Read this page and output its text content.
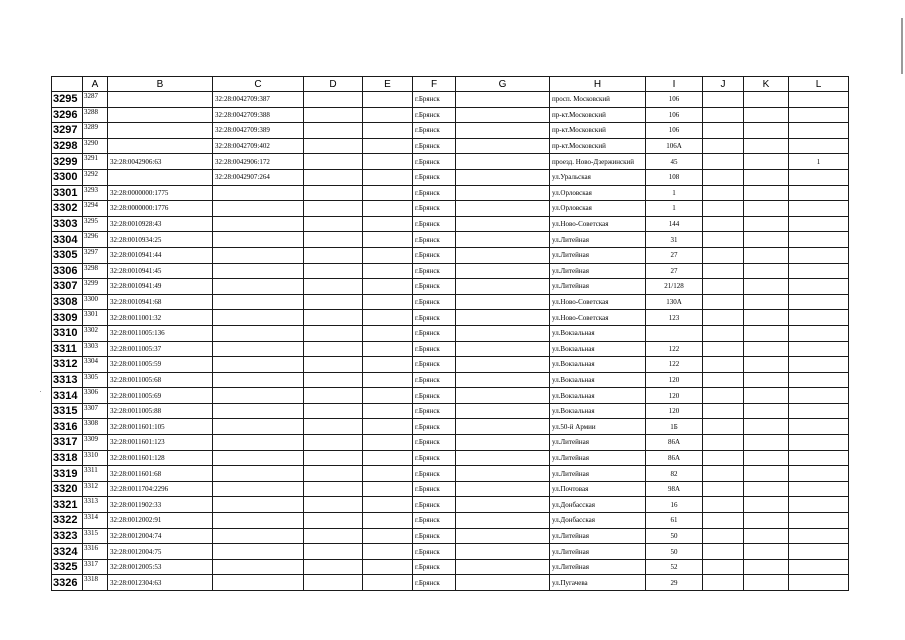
	A	B	C	D	E	F	G	H	I	J	K	L
3295	3287		32:28:0042709:387			г.Брянск		просп. Московский	106			
3296	3288		32:28:0042709:388			г.Брянск		пр-кт.Московский	106			
3297	3289		32:28:0042709:389			г.Брянск		пр-кт.Московский	106			
3298	3290		32:28:0042709:402			г.Брянск		пр-кт.Московский	106А			
3299	3291	32:28:0042906:63	32:28:0042906:172			г.Брянск		проезд. Ново-Дзержинский	45			1
3300	3292		32:28:0042907:264			г.Брянск		ул.Уральская	108			
3301	3293	32:28:0000000:1775				г.Брянск		ул.Орловская	1			
3302	3294	32:28:0000000:1776				г.Брянск		ул.Орловская	1			
3303	3295	32:28:0010928:43				г.Брянск		ул.Ново-Советская	144			
3304	3296	32:28:0010934:25				г.Брянск		ул.Литейная	31			
3305	3297	32:28:0010941:44				г.Брянск		ул.Литейная	27			
3306	3298	32:28:0010941:45				г.Брянск		ул.Литейная	27			
3307	3299	32:28:0010941:49				г.Брянск		ул.Литейная	21/128			
3308	3300	32:28:0010941:68				г.Брянск		ул.Ново-Советская	130А			
3309	3301	32:28:0011001:32				г.Брянск		ул.Ново-Советская	123			
3310	3302	32:28:0011005:136				г.Брянск		ул.Вокзальная				
3311	3303	32:28:0011005:37				г.Брянск		ул.Вокзальная	122			
3312	3304	32:28:0011005:59				г.Брянск		ул.Вокзальная	122			
3313	3305	32:28:0011005:68				г.Брянск		ул.Вокзальная	120			
3314	3306	32:28:0011005:69				г.Брянск		ул.Вокзальная	120			
3315	3307	32:28:0011005:88				г.Брянск		ул.Вокзальная	120			
3316	3308	32:28:0011601:105				г.Брянск		ул.50-й Армии	1Б			
3317	3309	32:28:0011601:123				г.Брянск		ул.Литейная	86А			
3318	3310	32:28:0011601:128				г.Брянск		ул.Литейная	86А			
3319	3311	32:28:0011601:68				г.Брянск		ул.Литейная	82			
3320	3312	32:28:0011704:2296				г.Брянск		ул.Почтовая	98А			
3321	3313	32:28:0011902:33				г.Брянск		ул.Донбасская	16			
3322	3314	32:28:0012002:91				г.Брянск		ул.Донбасская	61			
3323	3315	32:28:0012004:74				г.Брянск		ул.Литейная	50			
3324	3316	32:28:0012004:75				г.Брянск		ул.Литейная	50			
3325	3317	32:28:0012005:53				г.Брянск		ул.Литейная	52			
3326	3318	32:28:0012304:63				г.Брянск		ул.Пугачева	29			
